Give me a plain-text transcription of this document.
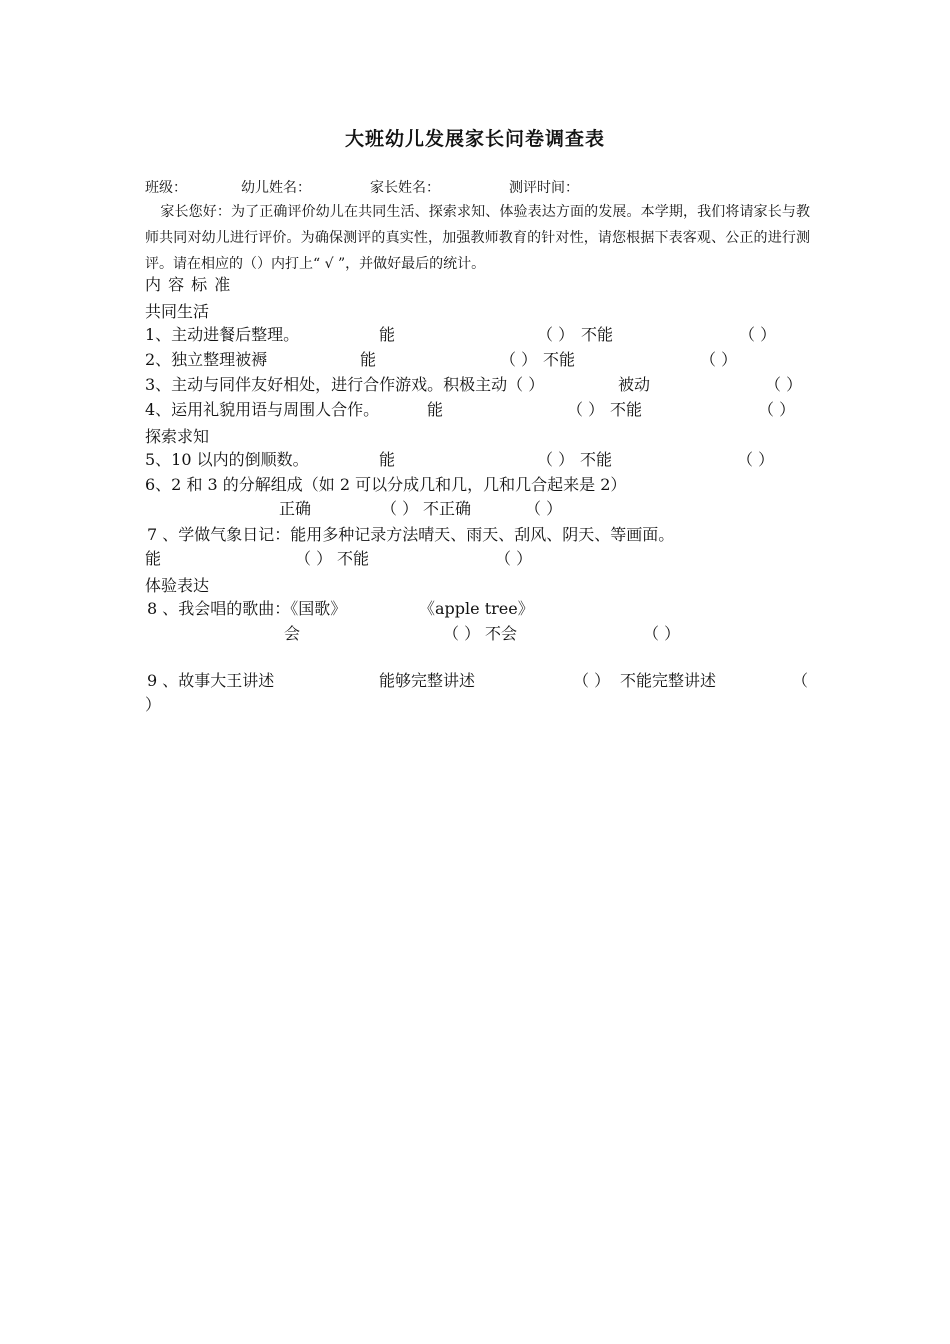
大班幼儿发展家长问卷调查表
班级：	幼儿姓名：	家长姓名：	测评时间：
家长您好：为了正确评价幼儿在共同生活、探索求知、体验表达方面的发展。本学期，我们将请家长与教师共同对幼儿进行评价。为确保测评的真实性，加强教师教育的针对性，请您根据下表客观、公正的进行测评。请在相应的（）内打上“ √ ”，并做好最后的统计。
内 容 标 准
共同生活
1、主动进餐后整理。	能	（ ） 不能	（ ）
2、独立整理被褥	能	（ ） 不能	（ ）
3、主动与同伴友好相处，进行合作游戏。积极主动（ ）	被动	（ ）
4、运用礼貌用语与周围人合作。	能	（ ） 不能	（ ）
探索求知
5、10 以内的倒顺数。	能	（ ） 不能	（ ）
6、2 和 3 的分解组成（如 2 可以分成几和几，几和几合起来是 2）
正确	（ ） 不正确	（ ）
7 、学做气象日记：能用多种记录方法晴天、雨天、刮风、阴天、等画面。
能	（ ） 不能	（ ）
体验表达
8 、我会唱的歌曲：《国歌》	《apple tree》
会	（ ） 不会	（ ）
9 、故事大王讲述	能够完整讲述	（ ） 不能完整讲述	（
）
